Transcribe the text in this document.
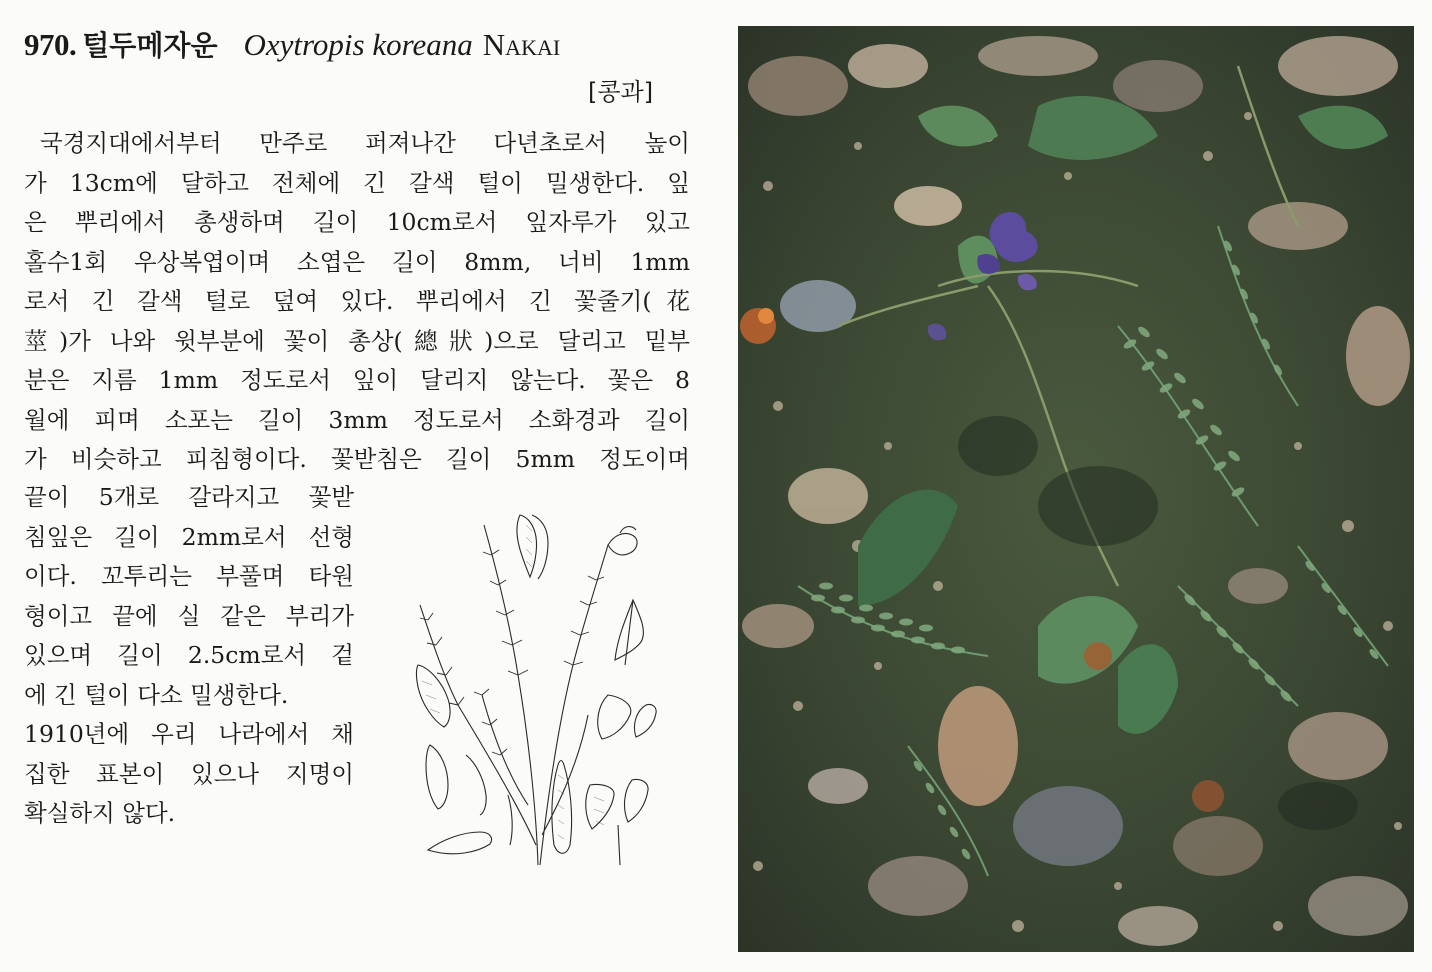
970. 털두메자운 Oxytropis koreana Nakai
[콩과]
국경지대에서부터 만주로 퍼져나간 다년초로서 높이
가 13cm에 달하고 전체에 긴 갈색 털이 밀생한다. 잎
은 뿌리에서 총생하며 길이 10cm로서 잎자루가 있고
홀수1회 우상복엽이며 소엽은 길이 8mm, 너비 1mm
로서 긴 갈색 털로 덮여 있다. 뿌리에서 긴 꽃줄기(花
莖)가 나와 윗부분에 꽃이 총상(總狀)으로 달리고 밑부
분은 지름 1mm 정도로서 잎이 달리지 않는다. 꽃은 8
월에 피며 소포는 길이 3mm 정도로서 소화경과 길이
가 비슷하고 피침형이다. 꽃받침은 길이 5mm 정도이며
끝이 5개로 갈라지고 꽃받
침잎은 길이 2mm로서 선형
이다. 꼬투리는 부풀며 타원
형이고 끝에 실 같은 부리가
있으며 길이 2.5cm로서 겉
에 긴 털이 다소 밀생한다.
1910년에 우리 나라에서 채
집한 표본이 있으나 지명이
확실하지 않다.
